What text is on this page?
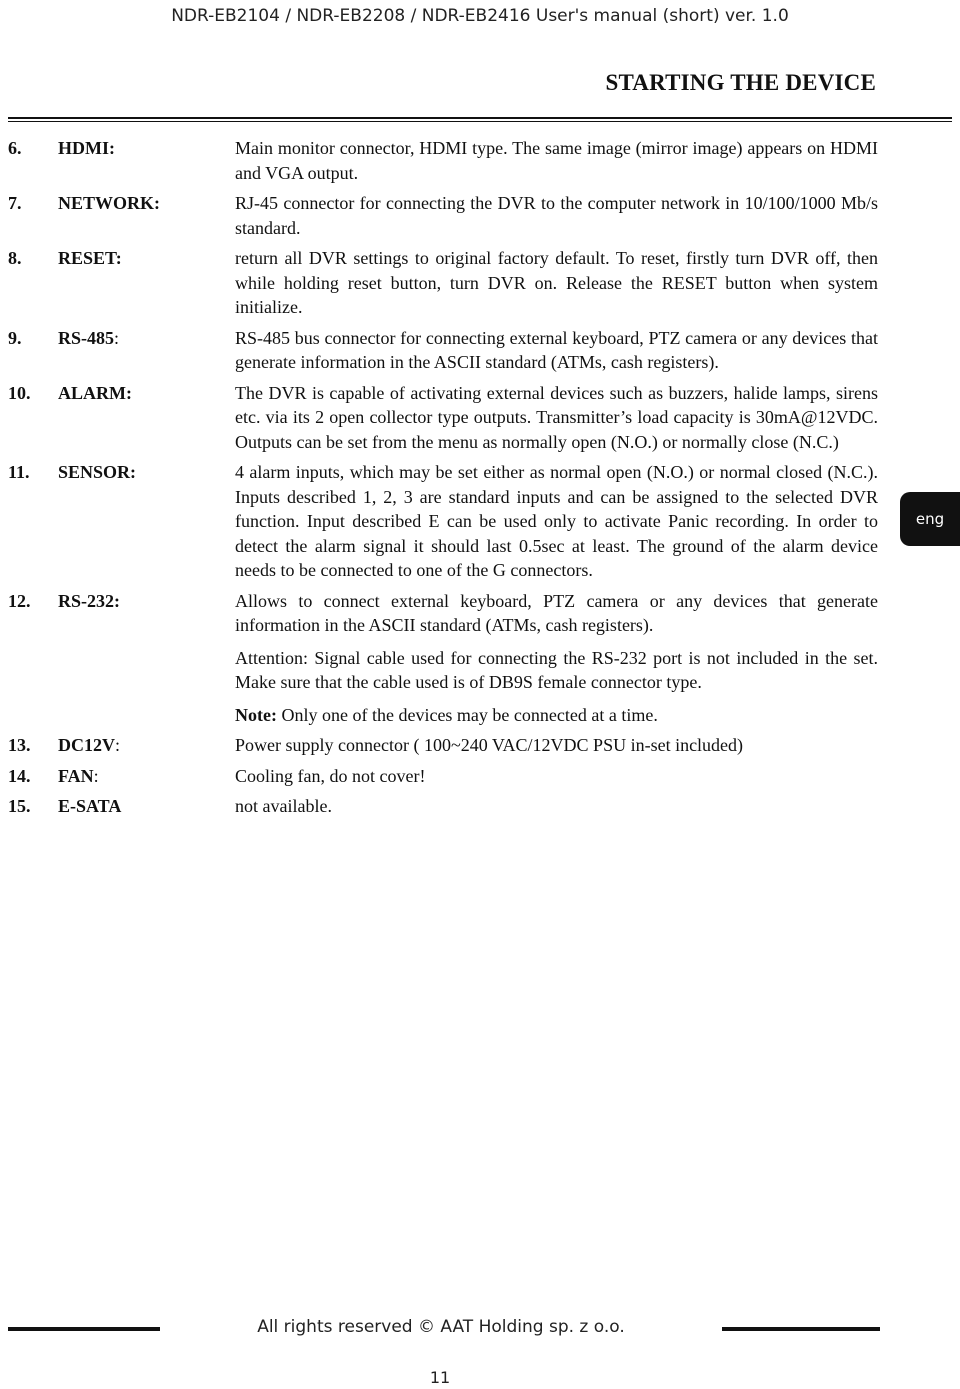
NDR-EB2104 / NDR-EB2208 / NDR-EB2416 User's manual (short) ver. 1.0
STARTING THE DEVICE
6.	HDMI:	Main monitor connector, HDMI type. The same image (mirror image) appears on HDMI and VGA output.

7.	NETWORK:	RJ-45 connector for connecting the DVR to the computer network in 10/100/1000 Mb/s standard.

8.	RESET:	return all DVR settings to original factory default. To reset, firstly turn DVR off, then while holding reset button, turn DVR on. Release the RESET button when system initialize.

9.	RS-485:	RS-485 bus connector for connecting external keyboard, PTZ camera or any devices that generate information in the ASCII standard (ATMs, cash registers).

10.	ALARM:	The DVR is capable of activating external devices such as buzzers, halide lamps, sirens etc. via its 2 open collector type outputs. Transmitter’s load capacity is 30mA@12VDC. Outputs can be set from the menu as normally open (N.O.) or normally close (N.C.)

11.	SENSOR:	4 alarm inputs, which may be set either as normal open (N.O.) or normal closed (N.C.). Inputs described 1, 2, 3 are standard inputs and can be assigned to the selected DVR function. Input described E can be used only to activate Panic recording. In order to detect the alarm signal it should last 0.5sec at least. The ground of the alarm device needs to be connected to one of the G connectors.

12.	RS-232:	Allows to connect external keyboard, PTZ camera or any devices that generate information in the ASCII standard (ATMs, cash registers).

Attention: Signal cable used for connecting the RS-232 port is not included in the set. Make sure that the cable used is of DB9S female connector type.

Note: Only one of the devices may be connected at a time.

13.	DC12V:	Power supply connector ( 100~240 VAC/12VDC PSU in-set included)

14.	FAN:	Cooling fan, do not cover!

15.	E-SATA	not available.

eng
All rights reserved © AAT Holding sp. z o.o.
11
